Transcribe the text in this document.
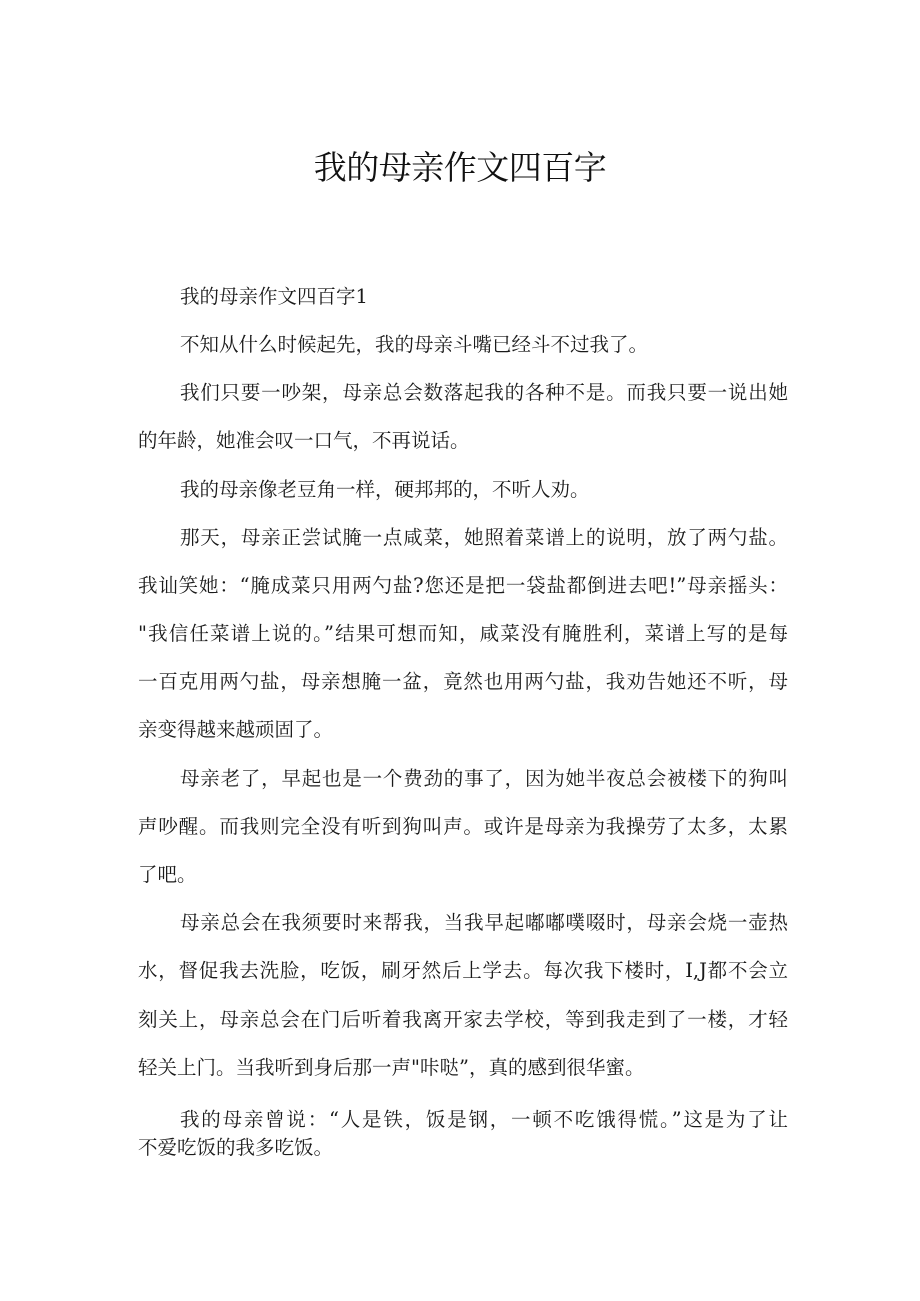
我的母亲作文四百字
我的母亲作文四百字1
不知从什么时候起先，我的母亲斗嘴已经斗不过我了。
我们只要一吵架，母亲总会数落起我的各种不是。而我只要一说出她
的年龄，她准会叹一口气，不再说话。
我的母亲像老豆角一样，硬邦邦的，不听人劝。
那天，母亲正尝试腌一点咸菜，她照着菜谱上的说明，放了两勺盐。
我讪笑她：“腌成菜只用两勺盐?您还是把一袋盐都倒进去吧!”母亲摇头：
"我信任菜谱上说的。”结果可想而知，咸菜没有腌胜利，菜谱上写的是每
一百克用两勺盐，母亲想腌一盆，竟然也用两勺盐，我劝告她还不听，母
亲变得越来越顽固了。
母亲老了，早起也是一个费劲的事了，因为她半夜总会被楼下的狗叫
声吵醒。而我则完全没有听到狗叫声。或许是母亲为我操劳了太多，太累
了吧。
母亲总会在我须要时来帮我，当我早起嘟嘟噗啜时，母亲会烧一壶热
水，督促我去洗脸，吃饭，刷牙然后上学去。每次我下楼时，I,J都不会立
刻关上，母亲总会在门后听着我离开家去学校，等到我走到了一楼，才轻
轻关上门。当我听到身后那一声"咔哒”，真的感到很华蜜。
我的母亲曾说：“人是铁，饭是钢，一顿不吃饿得慌。”这是为了让
不爱吃饭的我多吃饭。
